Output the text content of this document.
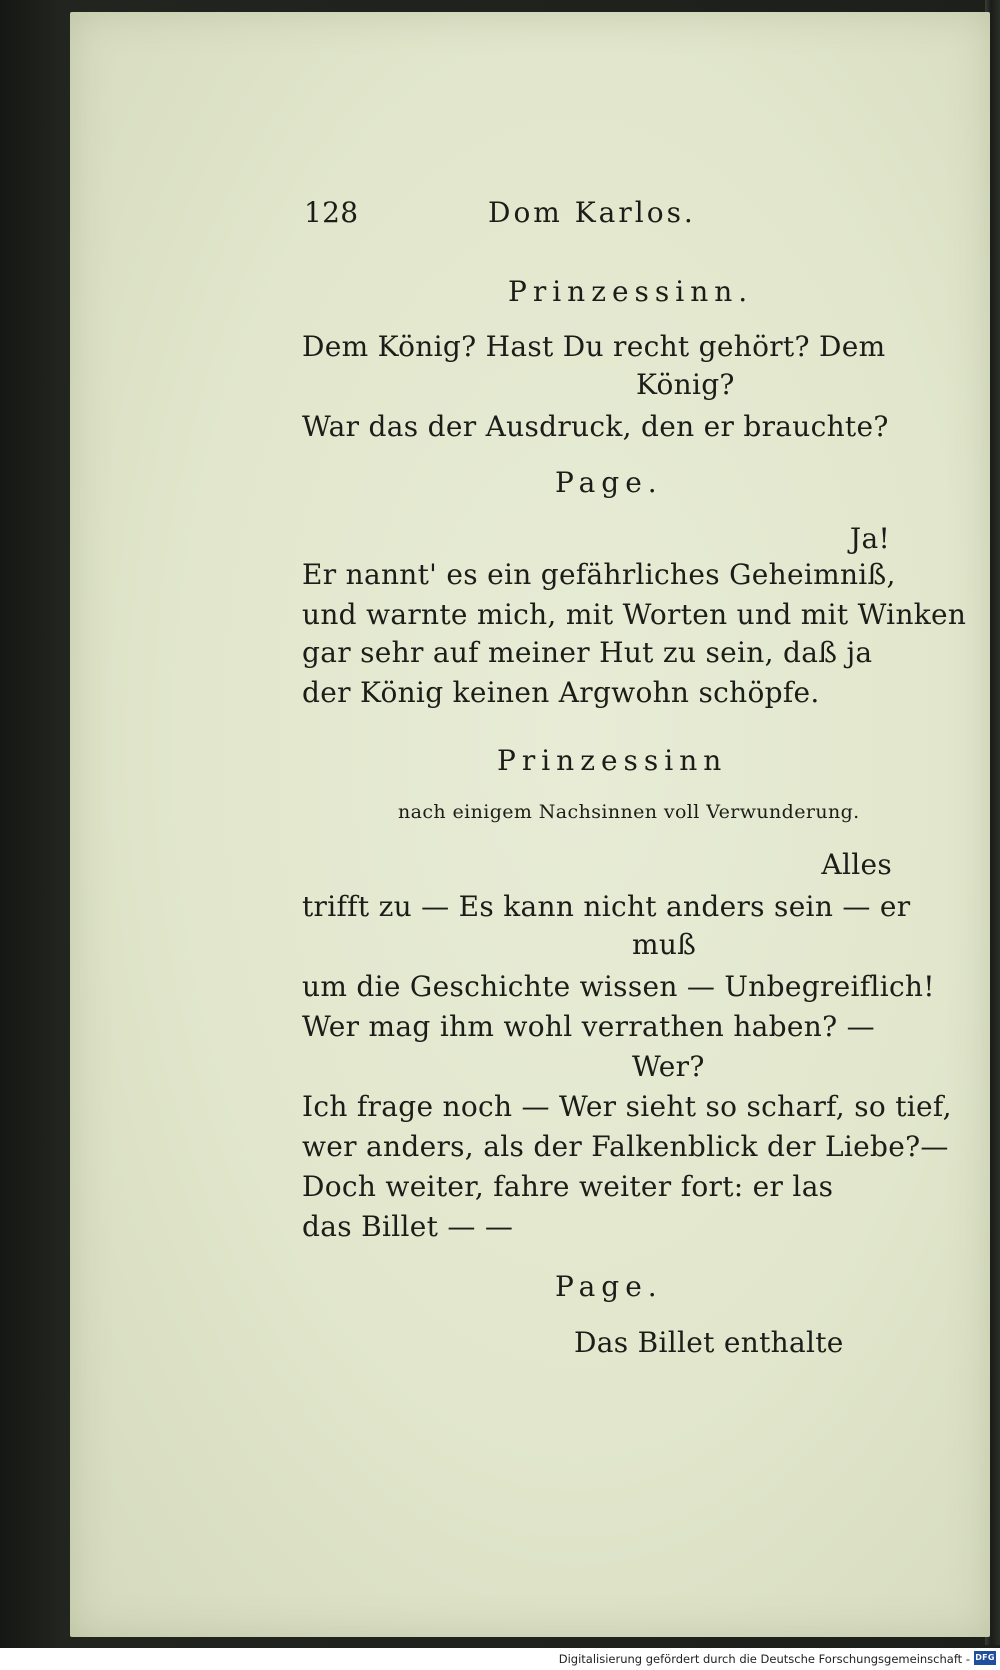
128	Dom Karlos.
Prinzessinn.
Dem König? Hast Du recht gehört? Dem
König?
War das der Ausdruck, den er brauchte?
Page.
Ja!
Er nannt' es ein gefährliches Geheimniß,
und warnte mich, mit Worten und mit Winken
gar sehr auf meiner Hut zu sein, daß ja
der König keinen Argwohn schöpfe.
Prinzessinn
nach einigem Nachsinnen voll Verwunderung.
Alles
trifft zu — Es kann nicht anders sein — er
muß
um die Geschichte wissen — Unbegreiflich!
Wer mag ihm wohl verrathen haben? —
Wer?
Ich frage noch — Wer sieht so scharf, so tief,
wer anders, als der Falkenblick der Liebe?—
Doch weiter, fahre weiter fort: er las
das Billet — —
Page.
Das Billet enthalte
Digitalisierung gefördert durch die Deutsche Forschungsgemeinschaft - DFG
